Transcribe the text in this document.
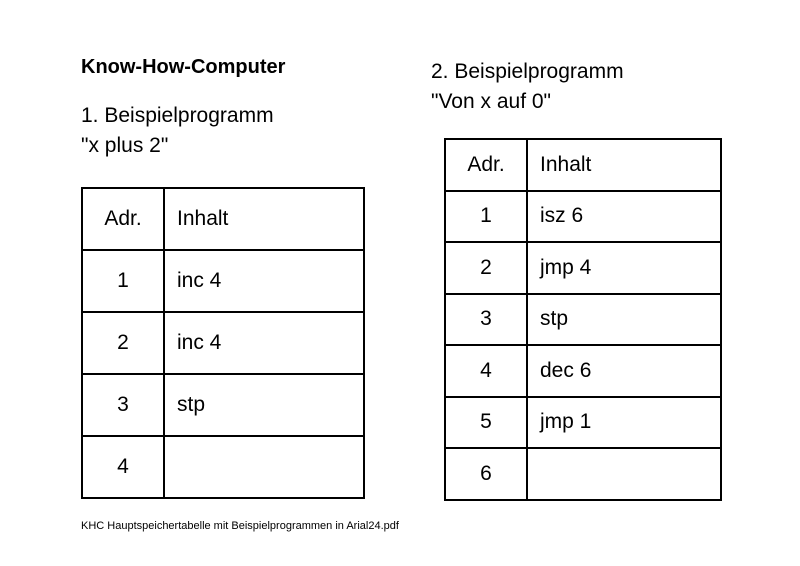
Know-How-Computer
1. Beispielprogramm
"x plus 2"
2. Beispielprogramm
"Von x auf 0"
Adr.	Inhalt
1	inc 4
2	inc 4
3	stp
4	
Adr.	Inhalt
1	isz 6
2	jmp 4
3	stp
4	dec 6
5	jmp 1
6	
KHC Hauptspeichertabelle mit Beispielprogrammen in Arial24.pdf
